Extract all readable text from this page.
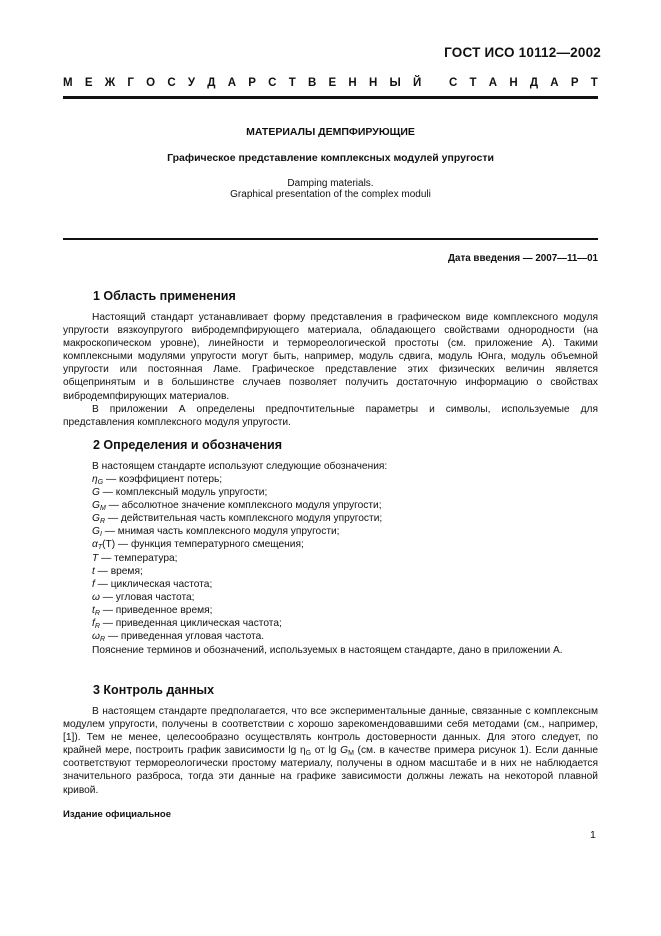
ГОСТ ИСО 10112—2002
М Е Ж Г О С У Д А Р С Т В Е Н Н Ы Й
С Т А Н Д А Р Т
МАТЕРИАЛЫ ДЕМПФИРУЮЩИЕ
Графическое представление комплексных модулей упругости
Damping materials.
Graphical presentation of the complex moduli
Дата введения — 2007—11—01
1 Область применения

Настоящий стандарт устанавливает форму представления в графическом виде комплексного модуля упругости вязкоупругого вибродемпфирующего материала, обладающего свойствами однородности (на макроскопическом уровне), линейности и термореологической простоты (см. приложение А). Такими комплексными модулями упругости могут быть, например, модуль сдвига, модуль Юнга, модуль объемной упругости или постоянная Ламе. Графическое представление этих физических величин является общепринятым и в большинстве случаев позволяет получить достаточную информацию о свойствах вибродемпфирующих материалов.

В приложении А определены предпочтительные параметры и символы, используемые для представления комплексного модуля упругости.

2 Определения и обозначения

В настоящем стандарте используют следующие обозначения:

$\eta_G$ — коэффициент потерь;
G — комплексный модуль упругости;
$G_M$ — абсолютное значение комплексного модуля упругости;
$G_R$ — действительная часть комплексного модуля упругости;
$G_I$ — мнимая часть комплексного модуля упругости;
$\alpha_T(T)$ — функция температурного смещения;
T — температура;
t — время;
f — циклическая частота;
ω — угловая частота;
$t_R$ — приведенное время;
$f_R$ — приведенная циклическая частота;
$\omega_R$ — приведенная угловая частота.

Пояснение терминов и обозначений, используемых в настоящем стандарте, дано в приложении А.

3 Контроль данных

В настоящем стандарте предполагается, что все экспериментальные данные, связанные с комплексным модулем упругости, получены в соответствии с хорошо зарекомендовавшими себя методами (см., например, [1]). Тем не менее, целесообразно осуществлять контроль достоверности данных. Для этого следует, по крайней мере, построить график зависимости $\lg \eta_G$ от $\lg G_M$ (см. в качестве примера рисунок 1). Если данные соответствуют термореологически простому материалу, получены в одном масштабе и в них не наблюдается значительного разброса, тогда эти данные на графике зависимости должны лежать на некоторой плавной кривой.

Издание официальное
1
